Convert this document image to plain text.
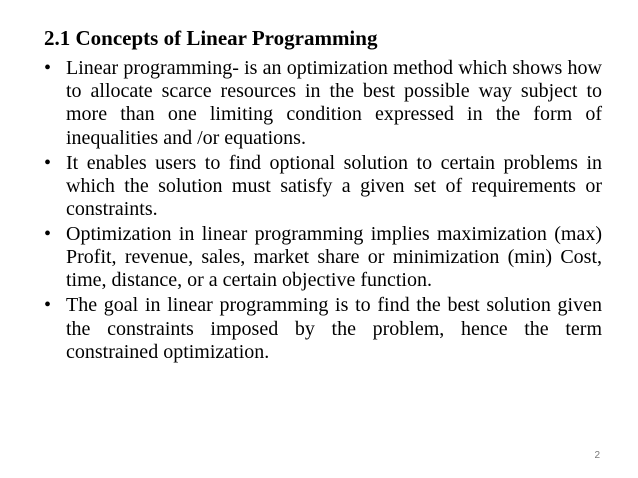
2.1 Concepts of Linear Programming
• Linear programming- is an optimization method which shows how to allocate scarce resources in the best possible way subject to more than one limiting condition expressed in the form of inequalities and /or equations.
• It enables users to find optional solution to certain problems in which the solution must satisfy a given set of requirements or constraints.
• Optimization in linear programming implies maximization (max) Profit, revenue, sales, market share or minimization (min) Cost, time, distance, or a certain objective function.
• The goal in linear programming is to find the best solution given the constraints imposed by the problem, hence the term constrained optimization.
2
